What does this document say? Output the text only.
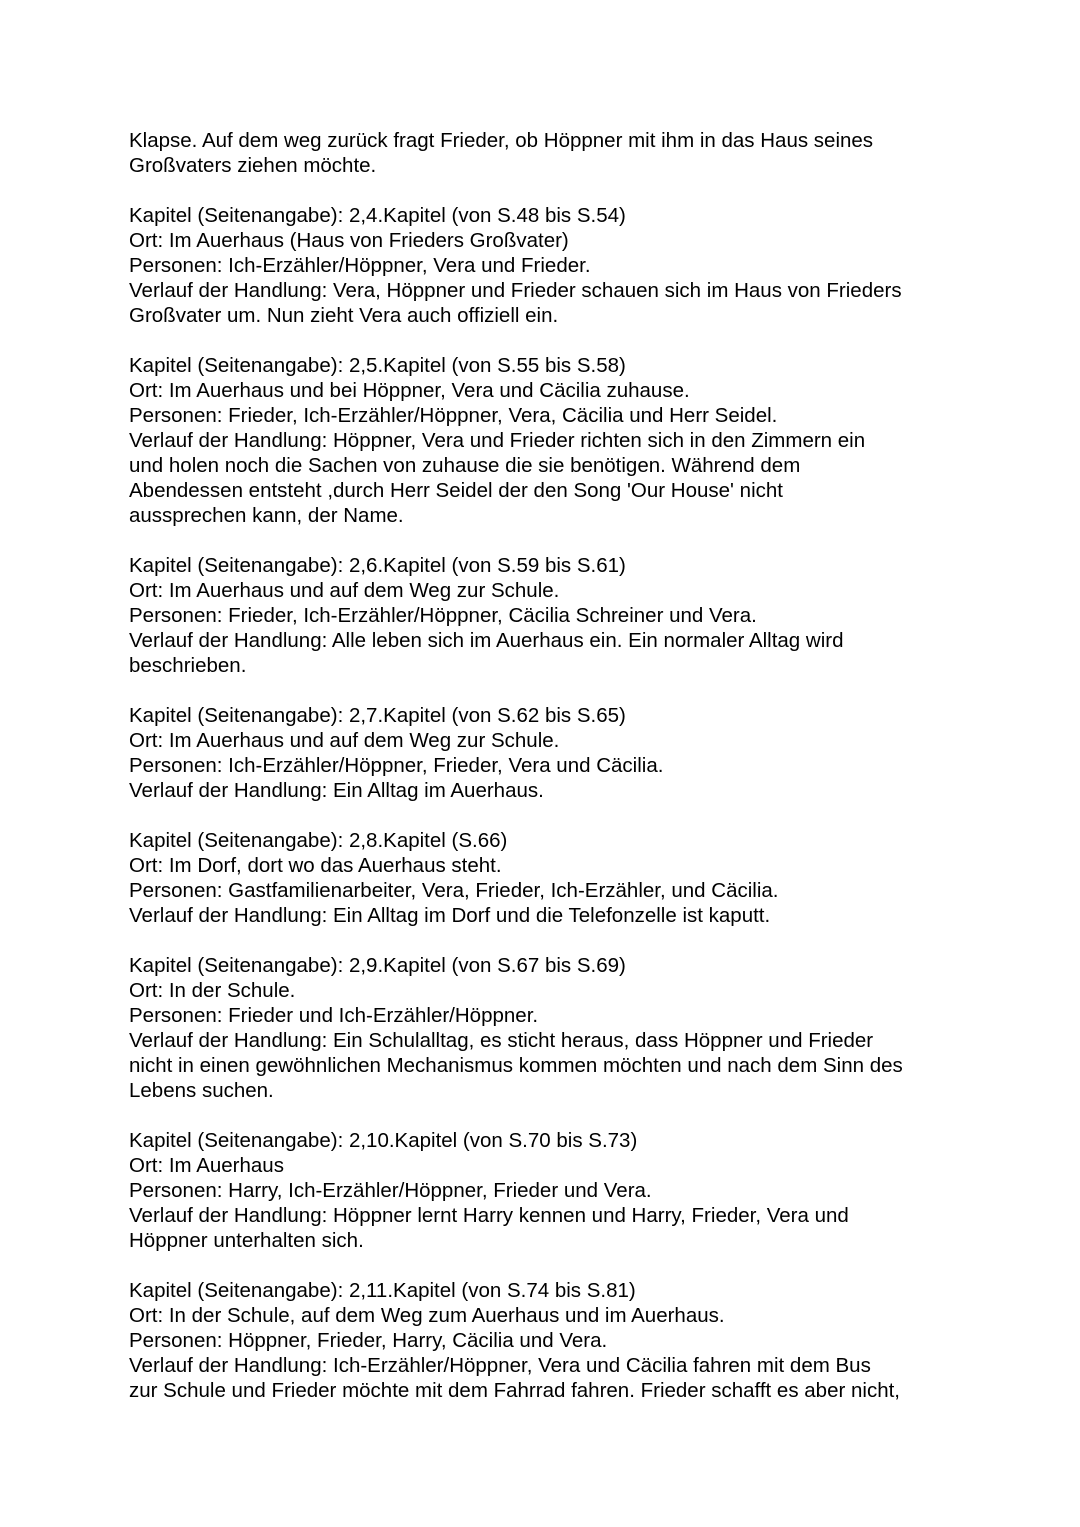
Klapse. Auf dem weg zurück fragt Frieder, ob Höppner mit ihm in das Haus seines
Großvaters ziehen möchte.
Kapitel (Seitenangabe): 2,4.Kapitel (von S.48 bis S.54)
Ort: Im Auerhaus (Haus von Frieders Großvater)
Personen: Ich-Erzähler/Höppner, Vera und Frieder.
Verlauf der Handlung: Vera, Höppner und Frieder schauen sich im Haus von Frieders
Großvater um. Nun zieht Vera auch offiziell ein.
Kapitel (Seitenangabe): 2,5.Kapitel (von S.55 bis S.58)
Ort: Im Auerhaus und bei Höppner, Vera und Cäcilia zuhause.
Personen: Frieder, Ich-Erzähler/Höppner, Vera, Cäcilia und Herr Seidel.
Verlauf der Handlung: Höppner, Vera und Frieder richten sich in den Zimmern ein
und holen noch die Sachen von zuhause die sie benötigen. Während dem
Abendessen entsteht ,durch Herr Seidel der den Song 'Our House' nicht
aussprechen kann, der Name.
Kapitel (Seitenangabe): 2,6.Kapitel (von S.59 bis S.61)
Ort: Im Auerhaus und auf dem Weg zur Schule.
Personen: Frieder, Ich-Erzähler/Höppner, Cäcilia Schreiner und Vera.
Verlauf der Handlung: Alle leben sich im Auerhaus ein. Ein normaler Alltag wird
beschrieben.
Kapitel (Seitenangabe): 2,7.Kapitel (von S.62 bis S.65)
Ort: Im Auerhaus und auf dem Weg zur Schule.
Personen: Ich-Erzähler/Höppner, Frieder, Vera und Cäcilia.
Verlauf der Handlung: Ein Alltag im Auerhaus.
Kapitel (Seitenangabe): 2,8.Kapitel (S.66)
Ort: Im Dorf, dort wo das Auerhaus steht.
Personen: Gastfamilienarbeiter, Vera, Frieder, Ich-Erzähler, und Cäcilia.
Verlauf der Handlung: Ein Alltag im Dorf und die Telefonzelle ist kaputt.
Kapitel (Seitenangabe): 2,9.Kapitel (von S.67 bis S.69)
Ort: In der Schule.
Personen: Frieder und Ich-Erzähler/Höppner.
Verlauf der Handlung: Ein Schulalltag, es sticht heraus, dass Höppner und Frieder
nicht in einen gewöhnlichen Mechanismus kommen möchten und nach dem Sinn des
Lebens suchen.
Kapitel (Seitenangabe): 2,10.Kapitel (von S.70 bis S.73)
Ort: Im Auerhaus
Personen: Harry, Ich-Erzähler/Höppner, Frieder und Vera.
Verlauf der Handlung: Höppner lernt Harry kennen und Harry, Frieder, Vera und
Höppner unterhalten sich.
Kapitel (Seitenangabe): 2,11.Kapitel (von S.74 bis S.81)
Ort: In der Schule, auf dem Weg zum Auerhaus und im Auerhaus.
Personen: Höppner, Frieder, Harry, Cäcilia und Vera.
Verlauf der Handlung: Ich-Erzähler/Höppner, Vera und Cäcilia fahren mit dem Bus
zur Schule und Frieder möchte mit dem Fahrrad fahren. Frieder schafft es aber nicht,
